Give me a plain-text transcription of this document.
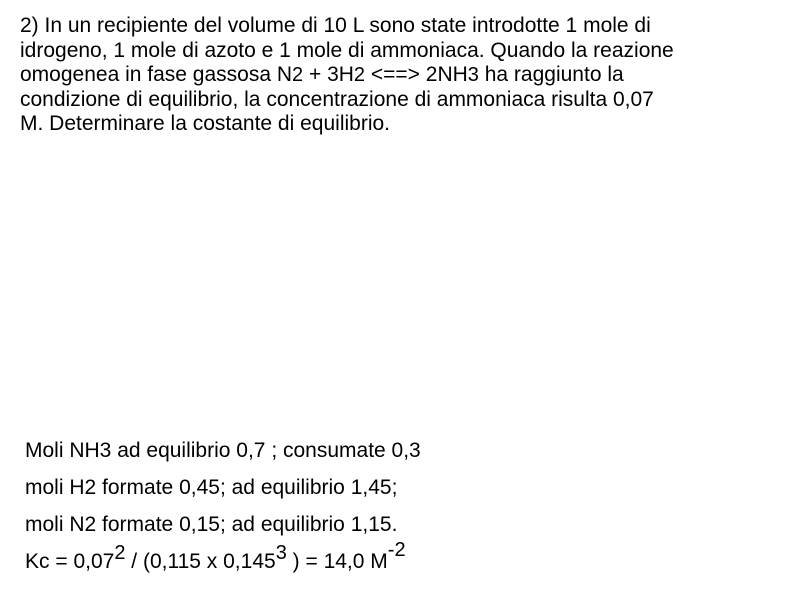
2) In un recipiente del volume di 10 L sono state introdotte 1 mole di
idrogeno, 1 mole di azoto e 1 mole di ammoniaca. Quando la reazione
omogenea in fase gassosa N2 + 3H2 <==> 2NH3 ha raggiunto la
condizione di equilibrio, la concentrazione di ammoniaca risulta 0,07
M. Determinare la costante di equilibrio.
Moli NH3 ad equilibrio 0,7 ; consumate 0,3
moli H2 formate 0,45; ad equilibrio 1,45;
moli N2 formate 0,15; ad equilibrio 1,15.
Kc = 0,072 / (0,115 x 0,1453 ) = 14,0 M-2
